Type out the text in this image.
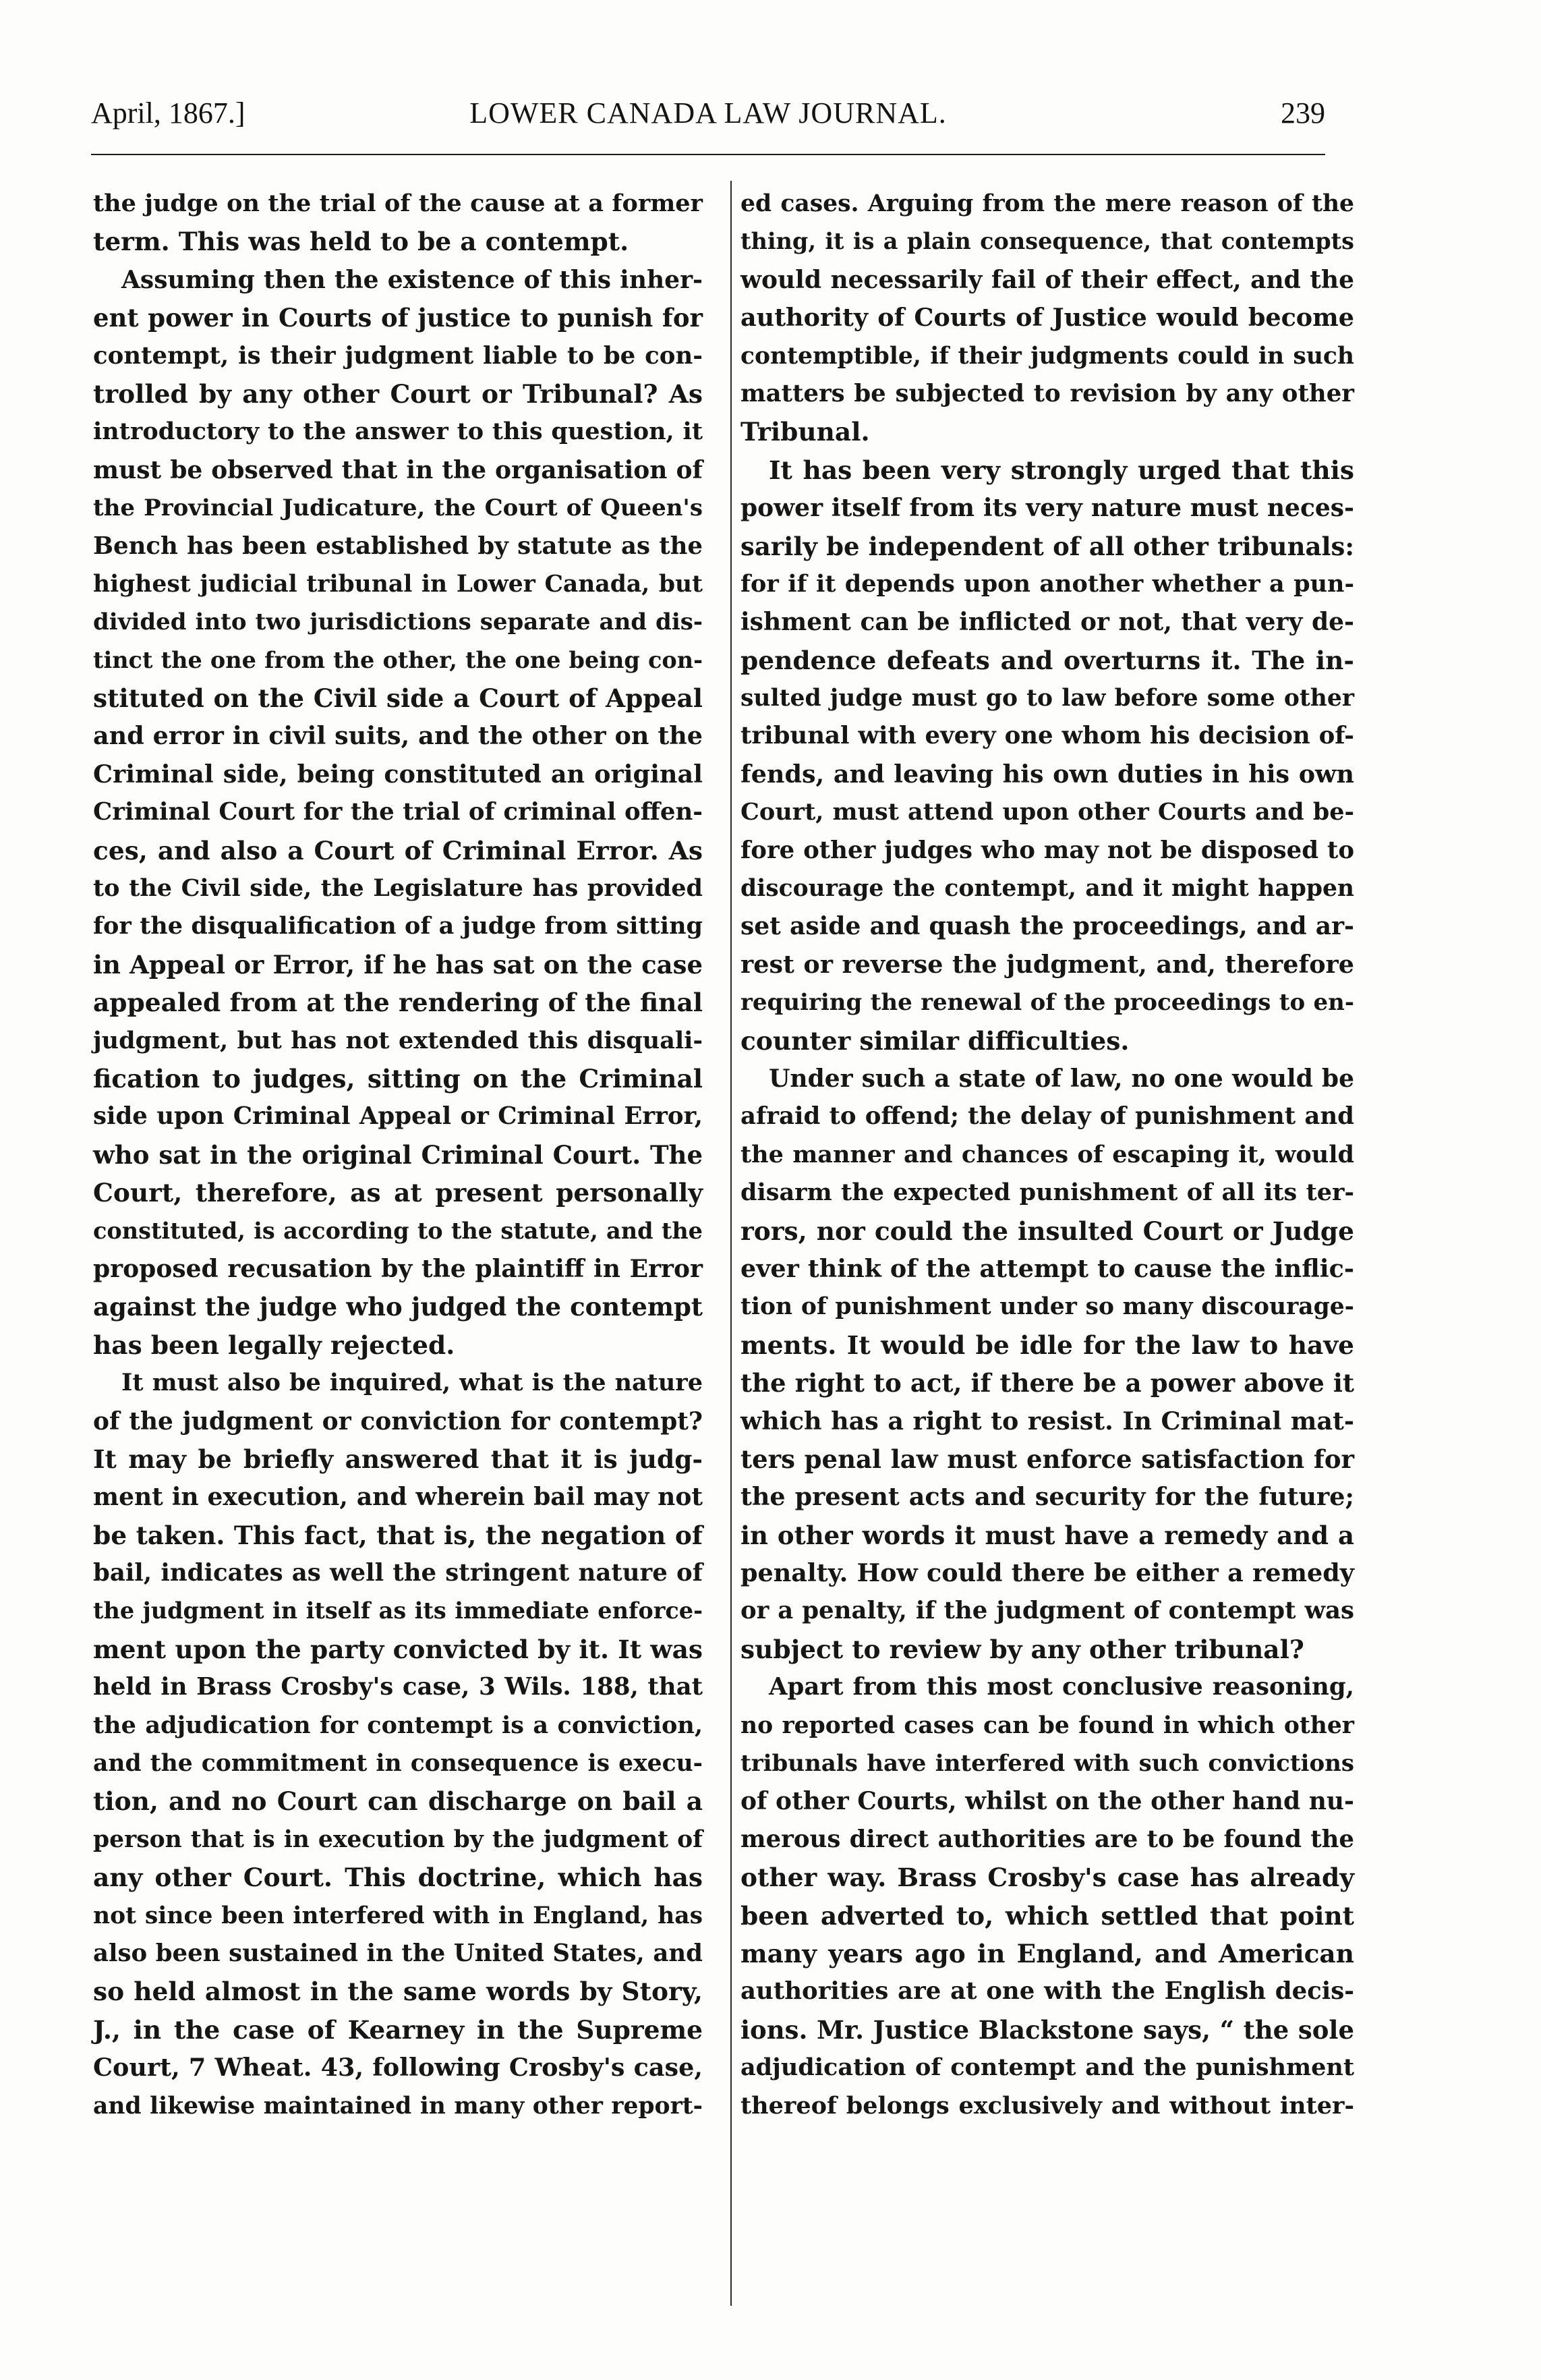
April, 1867.]	LOWER CANADA LAW JOURNAL.	239
the judge on the trial of the cause at a former
term. This was held to be a contempt.
Assuming then the existence of this inher-
ent power in Courts of justice to punish for
contempt, is their judgment liable to be con-
trolled by any other Court or Tribunal? As
introductory to the answer to this question, it
must be observed that in the organisation of
the Provincial Judicature, the Court of Queen's
Bench has been established by statute as the
highest judicial tribunal in Lower Canada, but
divided into two jurisdictions separate and dis-
tinct the one from the other, the one being con-
stituted on the Civil side a Court of Appeal
and error in civil suits, and the other on the
Criminal side, being constituted an original
Criminal Court for the trial of criminal offen-
ces, and also a Court of Criminal Error. As
to the Civil side, the Legislature has provided
for the disqualification of a judge from sitting
in Appeal or Error, if he has sat on the case
appealed from at the rendering of the final
judgment, but has not extended this disquali-
fication to judges, sitting on the Criminal
side upon Criminal Appeal or Criminal Error,
who sat in the original Criminal Court. The
Court, therefore, as at present personally
constituted, is according to the statute, and the
proposed recusation by the plaintiff in Error
against the judge who judged the contempt
has been legally rejected.
It must also be inquired, what is the nature
of the judgment or conviction for contempt?
It may be briefly answered that it is judg-
ment in execution, and wherein bail may not
be taken. This fact, that is, the negation of
bail, indicates as well the stringent nature of
the judgment in itself as its immediate enforce-
ment upon the party convicted by it. It was
held in Brass Crosby's case, 3 Wils. 188, that
the adjudication for contempt is a conviction,
and the commitment in consequence is execu-
tion, and no Court can discharge on bail a
person that is in execution by the judgment of
any other Court. This doctrine, which has
not since been interfered with in England, has
also been sustained in the United States, and
so held almost in the same words by Story,
J., in the case of Kearney in the Supreme
Court, 7 Wheat. 43, following Crosby's case,
and likewise maintained in many other report-
ed cases. Arguing from the mere reason of the
thing, it is a plain consequence, that contempts
would necessarily fail of their effect, and the
authority of Courts of Justice would become
contemptible, if their judgments could in such
matters be subjected to revision by any other
Tribunal.
It has been very strongly urged that this
power itself from its very nature must neces-
sarily be independent of all other tribunals:
for if it depends upon another whether a pun-
ishment can be inflicted or not, that very de-
pendence defeats and overturns it. The in-
sulted judge must go to law before some other
tribunal with every one whom his decision of-
fends, and leaving his own duties in his own
Court, must attend upon other Courts and be-
fore other judges who may not be disposed to
discourage the contempt, and it might happen
set aside and quash the proceedings, and ar-
rest or reverse the judgment, and, therefore
requiring the renewal of the proceedings to en-
counter similar difficulties.
Under such a state of law, no one would be
afraid to offend; the delay of punishment and
the manner and chances of escaping it, would
disarm the expected punishment of all its ter-
rors, nor could the insulted Court or Judge
ever think of the attempt to cause the inflic-
tion of punishment under so many discourage-
ments. It would be idle for the law to have
the right to act, if there be a power above it
which has a right to resist. In Criminal mat-
ters penal law must enforce satisfaction for
the present acts and security for the future;
in other words it must have a remedy and a
penalty. How could there be either a remedy
or a penalty, if the judgment of contempt was
subject to review by any other tribunal?
Apart from this most conclusive reasoning,
no reported cases can be found in which other
tribunals have interfered with such convictions
of other Courts, whilst on the other hand nu-
merous direct authorities are to be found the
other way. Brass Crosby's case has already
been adverted to, which settled that point
many years ago in England, and American
authorities are at one with the English decis-
ions. Mr. Justice Blackstone says, “ the sole
adjudication of contempt and the punishment
thereof belongs exclusively and without inter-
